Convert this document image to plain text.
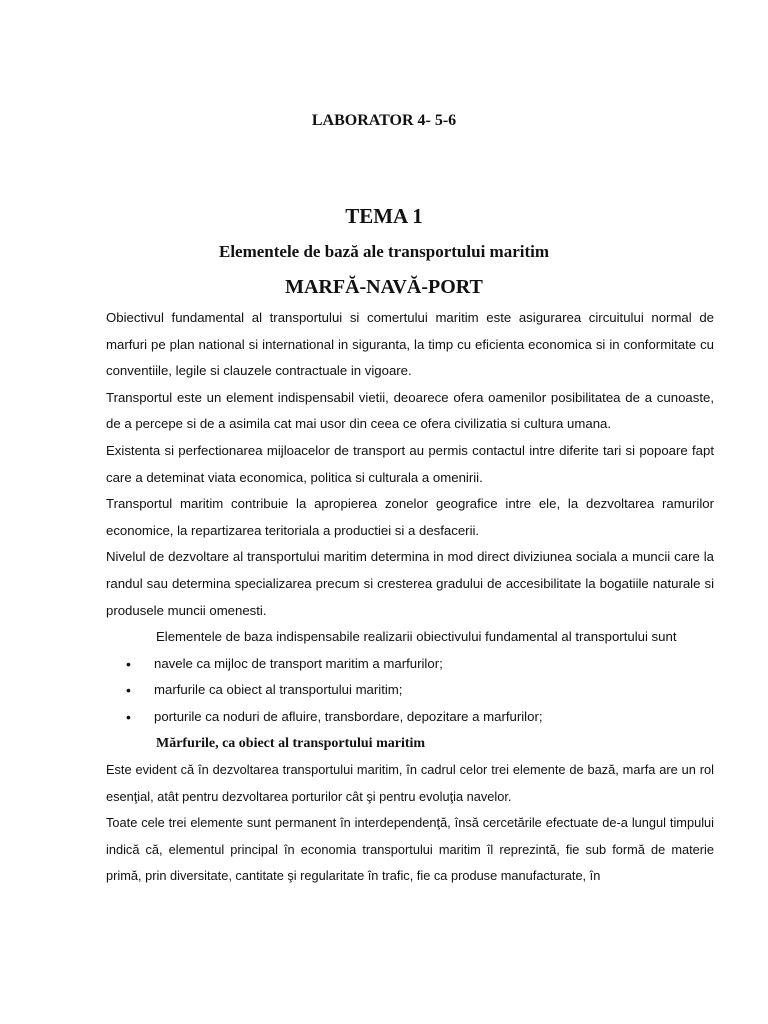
LABORATOR 4- 5-6
TEMA 1
Elementele de bază ale transportului maritim
MARFĂ-NAVĂ-PORT

Obiectivul fundamental al transportului si comertului maritim este asigurarea circuitului normal de marfuri pe plan national si international in siguranta, la timp cu eficienta economica si in conformitate cu conventiile, legile si clauzele contractuale in vigoare.

Transportul este un element indispensabil vietii, deoarece ofera oamenilor posibilitatea de a cunoaste, de a percepe si de a asimila cat mai usor din ceea ce ofera civilizatia si cultura umana.

Existenta si perfectionarea mijloacelor de transport au permis contactul intre diferite tari si popoare fapt care a deteminat viata economica, politica si culturala a omenirii.

Transportul maritim contribuie la apropierea zonelor geografice intre ele, la dezvoltarea ramurilor economice, la repartizarea teritoriala a productiei si a desfacerii.

Nivelul de dezvoltare al transportului maritim determina in mod direct diviziunea sociala a muncii care la randul sau determina specializarea precum si cresterea gradului de accesibilitate la bogatiile naturale si produsele muncii omenesti.

Elementele de baza indispensabile realizarii obiectivului fundamental al transportului sunt

• navele ca mijloc de transport maritim a marfurilor;
• marfurile ca obiect al transportului maritim;
• porturile ca noduri de afluire, transbordare, depozitare a marfurilor;

Mărfurile, ca obiect al transportului maritim

Este evident că în dezvoltarea transportului maritim, în cadrul celor trei elemente de bază, marfa are un rol esenţial, atât pentru dezvoltarea porturilor cât şi pentru evoluţia navelor.

Toate cele trei elemente sunt permanent în interdependenţă, însă cercetările efectuate de-a lungul timpului indică că, elementul principal în economia transportului maritim îl reprezintă, fie sub formă de materie primă, prin diversitate, cantitate şi regularitate în trafic, fie ca produse manufacturate, în
